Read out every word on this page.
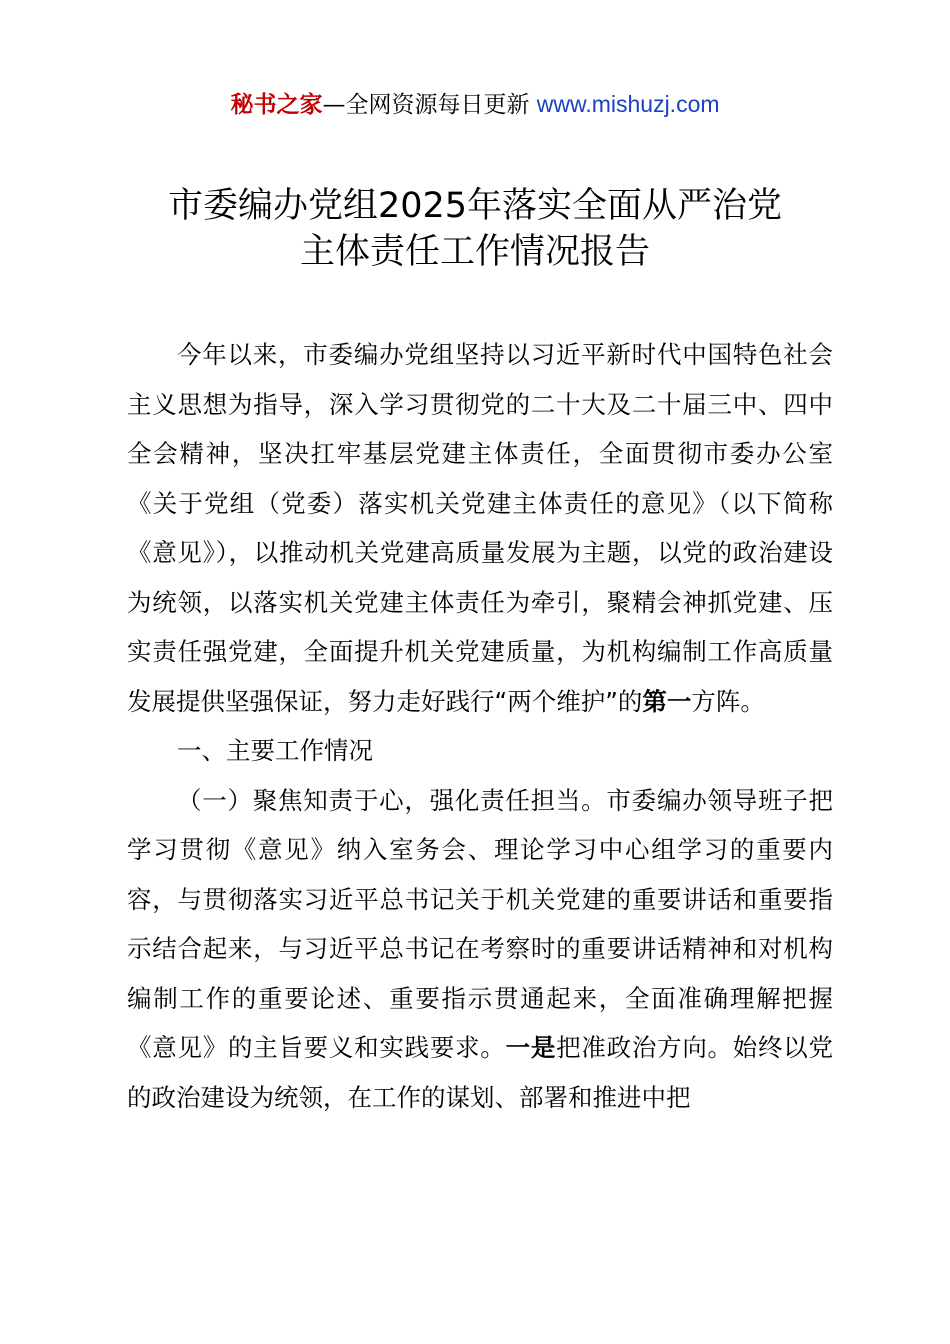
秘书之家—全网资源每日更新 www.mishuzj.com
市委编办党组2025年落实全面从严治党
主体责任工作情况报告

今年以来，市委编办党组坚持以习近平新时代中国特色社会主义思想为指导，深入学习贯彻党的二十大及二十届三中、四中全会精神，坚决扛牢基层党建主体责任，全面贯彻市委办公室《关于党组（党委）落实机关党建主体责任的意见》（以下简称《意见》），以推动机关党建高质量发展为主题，以党的政治建设为统领，以落实机关党建主体责任为牵引，聚精会神抓党建、压实责任强党建，全面提升机关党建质量，为机构编制工作高质量发展提供坚强保证，努力走好践行“两个维护”的第一方阵。

一、主要工作情况

（一）聚焦知责于心，强化责任担当。市委编办领导班子把学习贯彻《意见》纳入室务会、理论学习中心组学习的重要内容，与贯彻落实习近平总书记关于机关党建的重要讲话和重要指示结合起来，与习近平总书记在考察时的重要讲话精神和对机构编制工作的重要论述、重要指示贯通起来，全面准确理解把握《意见》的主旨要义和实践要求。一是把准政治方向。始终以党的政治建设为统领，在工作的谋划、部署和推进中把
